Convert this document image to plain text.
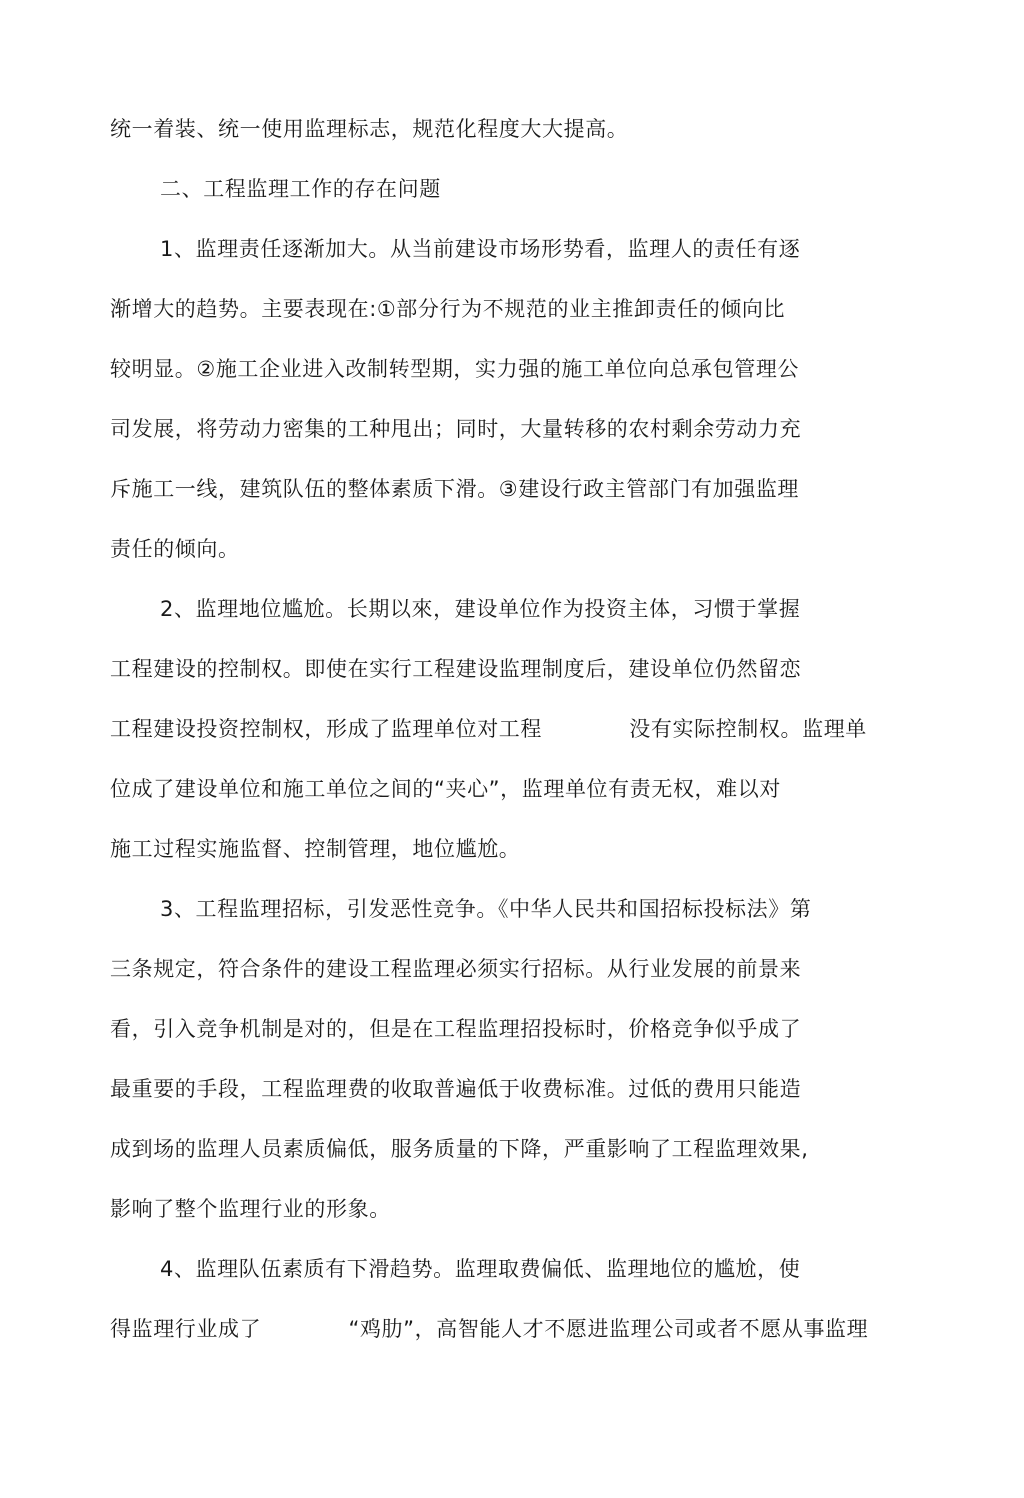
统一着装、统一使用监理标志，规范化程度大大提高。
二、工程监理工作的存在问题
1、监理责任逐渐加大。从当前建设市场形势看，监理人的责任有逐
渐增大的趋势。主要表现在:①部分行为不规范的业主推卸责任的倾向比
较明显。②施工企业进入改制转型期，实力强的施工单位向总承包管理公
司发展，将劳动力密集的工种甩出；同时，大量转移的农村剩余劳动力充
斥施工一线，建筑队伍的整体素质下滑。③建设行政主管部门有加强监理
责任的倾向。
2、监理地位尴尬。长期以來，建设单位作为投资主体，习惯于掌握
工程建设的控制权。即使在实行工程建设监理制度后，建设单位仍然留恋
工程建设投资控制权，形成了监理单位对工程            没有实际控制权。监理单
位成了建设单位和施工单位之间的“夹心”，监理单位有责无权，难以对
施工过程实施监督、控制管理，地位尴尬。
3、工程监理招标，引发恶性竞争。《中华人民共和国招标投标法》第
三条规定，符合条件的建设工程监理必须实行招标。从行业发展的前景来
看，引入竞争机制是对的，但是在工程监理招投标时，价格竞争似乎成了
最重要的手段，工程监理费的收取普遍低于收费标准。过低的费用只能造
成到场的监理人员素质偏低，服务质量的下降，严重影响了工程监理效果,
影响了整个监理行业的形象。
4、监理队伍素质有下滑趋势。监理取费偏低、监理地位的尴尬，使
得监理行业成了            “鸡肋”，高智能人才不愿进监理公司或者不愿从事监理
